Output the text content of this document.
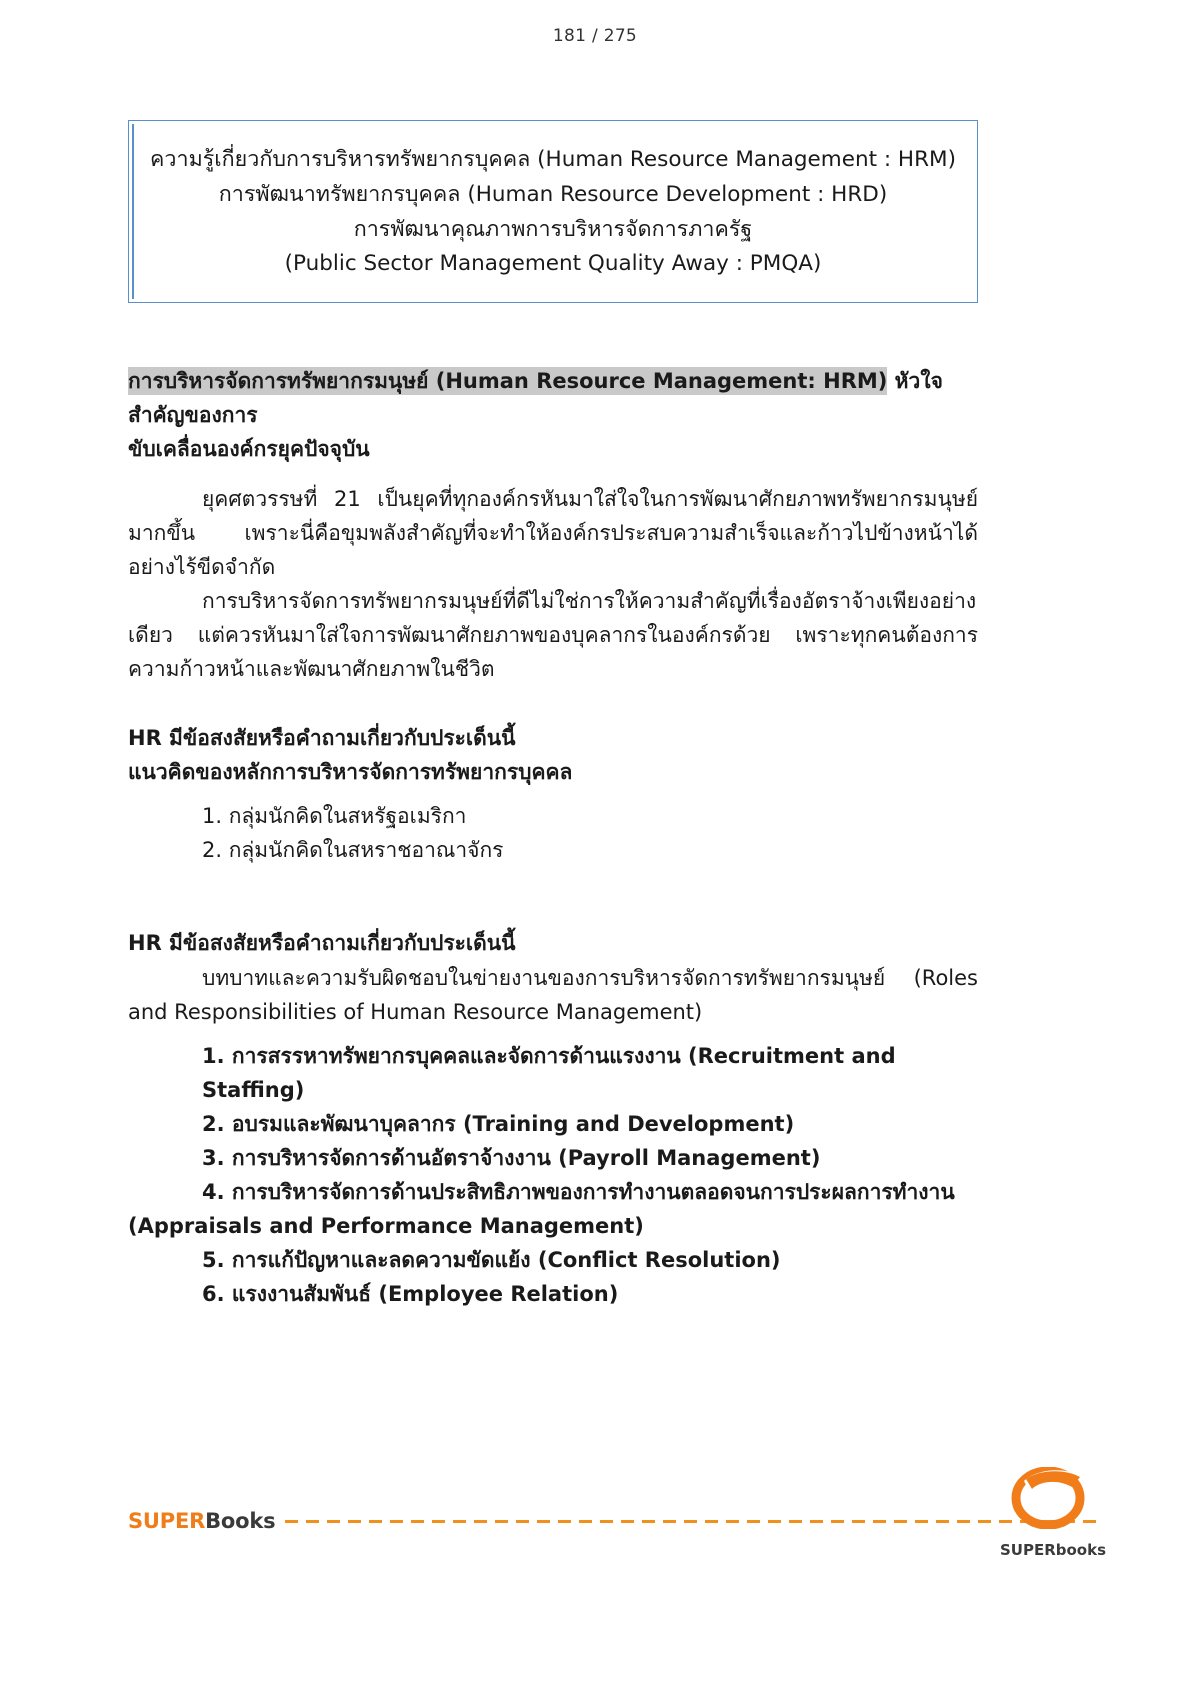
181 / 275
ความรู้เกี่ยวกับการบริหารทรัพยากรบุคคล (Human Resource Management : HRM)
การพัฒนาทรัพยากรบุคคล (Human Resource Development : HRD)
การพัฒนาคุณภาพการบริหารจัดการภาครัฐ
(Public Sector Management Quality Away : PMQA)
การบริหารจัดการทรัพยากรมนุษย์ (Human Resource Management: HRM) หัวใจสำคัญของการ
ขับเคลื่อนองค์กรยุคปัจจุบัน

ยุคศตวรรษที่ 21 เป็นยุคที่ทุกองค์กรหันมาใส่ใจในการพัฒนาศักยภาพทรัพยากรมนุษย์มากขึ้น เพราะนี่คือขุมพลังสำคัญที่จะทำให้องค์กรประสบความสำเร็จและก้าวไปข้างหน้าได้อย่างไร้ขีดจำกัด

การบริหารจัดการทรัพยากรมนุษย์ที่ดีไม่ใช่การให้ความสำคัญที่เรื่องอัตราจ้างเพียงอย่างเดียว แต่ควรหันมาใส่ใจการพัฒนาศักยภาพของบุคลากรในองค์กรด้วย เพราะทุกคนต้องการความก้าวหน้าและพัฒนาศักยภาพในชีวิต

HR มีข้อสงสัยหรือคำถามเกี่ยวกับประเด็นนี้
แนวคิดของหลักการบริหารจัดการทรัพยากรบุคคล
1. กลุ่มนักคิดในสหรัฐอเมริกา
2. กลุ่มนักคิดในสหราชอาณาจักร
HR มีข้อสงสัยหรือคำถามเกี่ยวกับประเด็นนี้

บทบาทและความรับผิดชอบในข่ายงานของการบริหารจัดการทรัพยากรมนุษย์ (Roles and Responsibilities of Human Resource Management)

1. การสรรหาทรัพยากรบุคคลและจัดการด้านแรงงาน (Recruitment and Staffing)
2. อบรมและพัฒนาบุคลากร (Training and Development)
3. การบริหารจัดการด้านอัตราจ้างงาน (Payroll Management)
4. การบริหารจัดการด้านประสิทธิภาพของการทำงานตลอดจนการประผลการทำงาน
(Appraisals and Performance Management)
5. การแก้ปัญหาและลดความขัดแย้ง (Conflict Resolution)
6. แรงงานสัมพันธ์ (Employee Relation)
SUPERBooks
SUPERbooks
